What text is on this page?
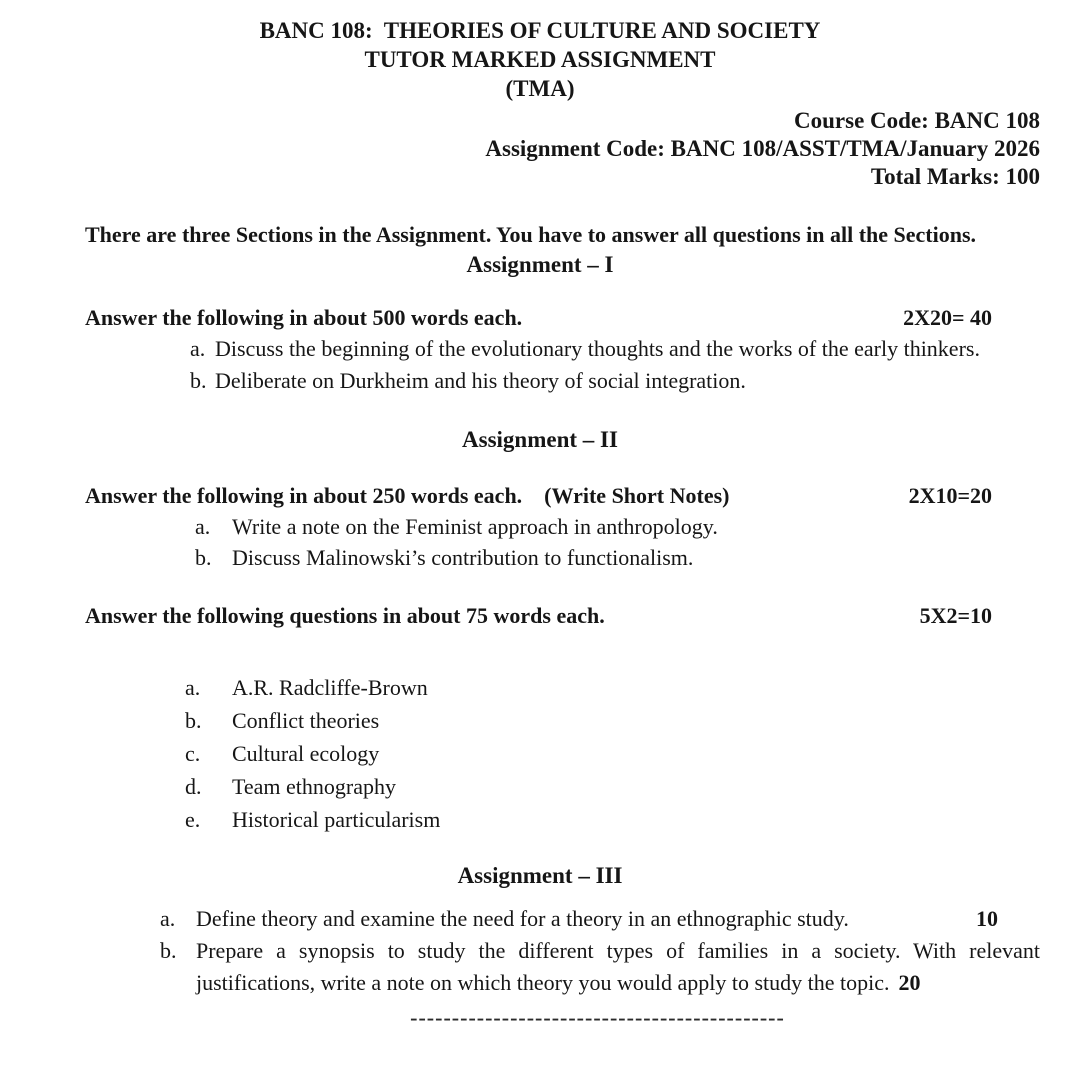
BANC 108:  THEORIES OF CULTURE AND SOCIETY
TUTOR MARKED ASSIGNMENT
(TMA)
Course Code: BANC 108
Assignment Code: BANC 108/ASST/TMA/January 2026
Total Marks: 100
There are three Sections in the Assignment. You have to answer all questions in all the Sections.
Assignment – I
Answer the following in about 500 words each.	2X20= 40
a. Discuss the beginning of the evolutionary thoughts and the works of the early thinkers.
b. Deliberate on Durkheim and his theory of social integration.
Assignment – II
Answer the following in about 250 words each.    (Write Short Notes)	2X10=20
a. Write a note on the Feminist approach in anthropology.
b. Discuss Malinowski’s contribution to functionalism.
Answer the following questions in about 75 words each.	5X2=10
a.	A.R. Radcliffe-Brown
b.	Conflict theories
c.	Cultural ecology
d.	Team ethnography
e.	Historical particularism
Assignment – III
a. Define theory and examine the need for a theory in an ethnographic study.	10
b. Prepare a synopsis to study the different types of families in a society. With relevant justifications, write a note on which theory you would apply to study the topic. 20
---------------------------------------------
